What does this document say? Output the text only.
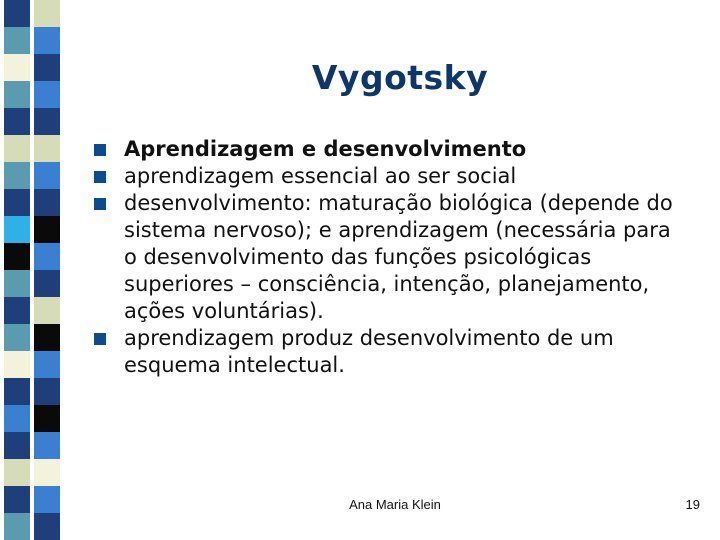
Vygotsky
Aprendizagem e desenvolvimento
aprendizagem essencial ao ser social
desenvolvimento: maturação biológica (depende do sistema nervoso); e aprendizagem (necessária para o desenvolvimento das funções psicológicas superiores – consciência, intenção, planejamento, ações voluntárias).
aprendizagem produz desenvolvimento de um esquema intelectual.
Ana Maria Klein	19
